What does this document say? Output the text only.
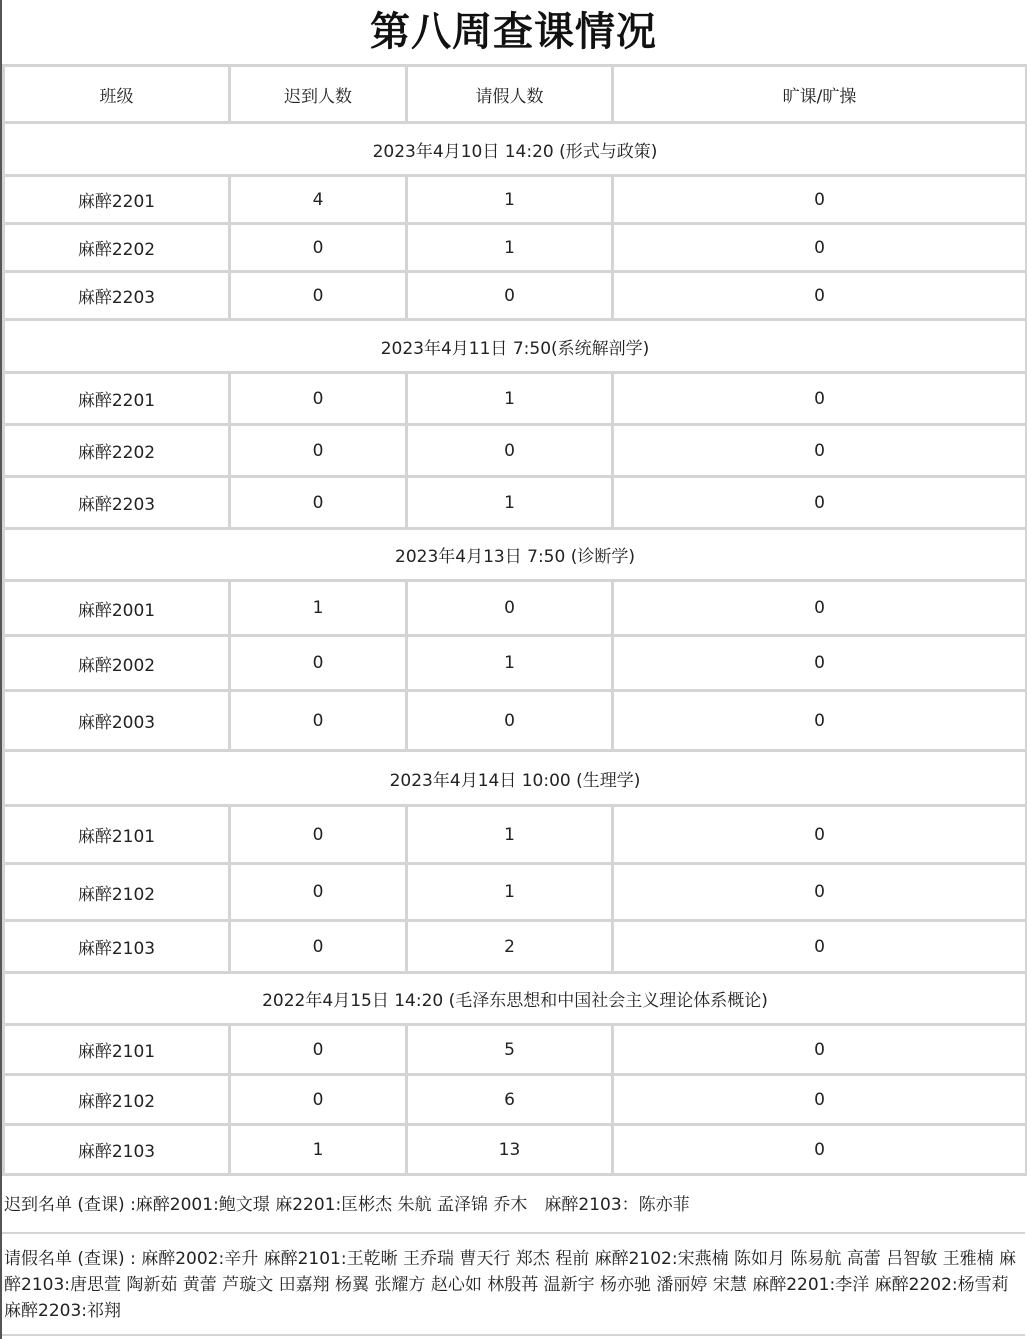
第八周查课情况
班级	迟到人数	请假人数	旷课/旷操
2023年4月10日 14:20 (形式与政策)			
麻醉2201	4	1	0
麻醉2202	0	1	0
麻醉2203	0	0	0
2023年4月11日 7:50(系统解剖学)			
麻醉2201	0	1	0
麻醉2202	0	0	0
麻醉2203	0	1	0
2023年4月13日 7:50 (诊断学)			
麻醉2001	1	0	0
麻醉2002	0	1	0
麻醉2003	0	0	0
2023年4月14日 10:00 (生理学)			
麻醉2101	0	1	0
麻醉2102	0	1	0
麻醉2103	0	2	0
2022年4月15日 14:20 (毛泽东思想和中国社会主义理论体系概论)			
麻醉2101	0	5	0
麻醉2102	0	6	0
麻醉2103	1	13	0
迟到名单 (查课) :麻醉2001:鲍文璟 麻2201:匡彬杰 朱航 孟泽锦 乔木　麻醉2103：陈亦菲
请假名单 (查课) : 麻醉2002:辛升 麻醉2101:王乾晰 王乔瑞 曹天行 郑杰 程前 麻醉2102:宋燕楠 陈如月 陈易航 高蕾 吕智敏 王雅楠 麻醉2103:唐思萱 陶新茹 黄蕾 芦璇文 田嘉翔 杨翼 张耀方 赵心如 林殷苒 温新宇 杨亦驰 潘丽婷 宋慧 麻醉2201:李洋 麻醉2202:杨雪莉 麻醉2203:祁翔
